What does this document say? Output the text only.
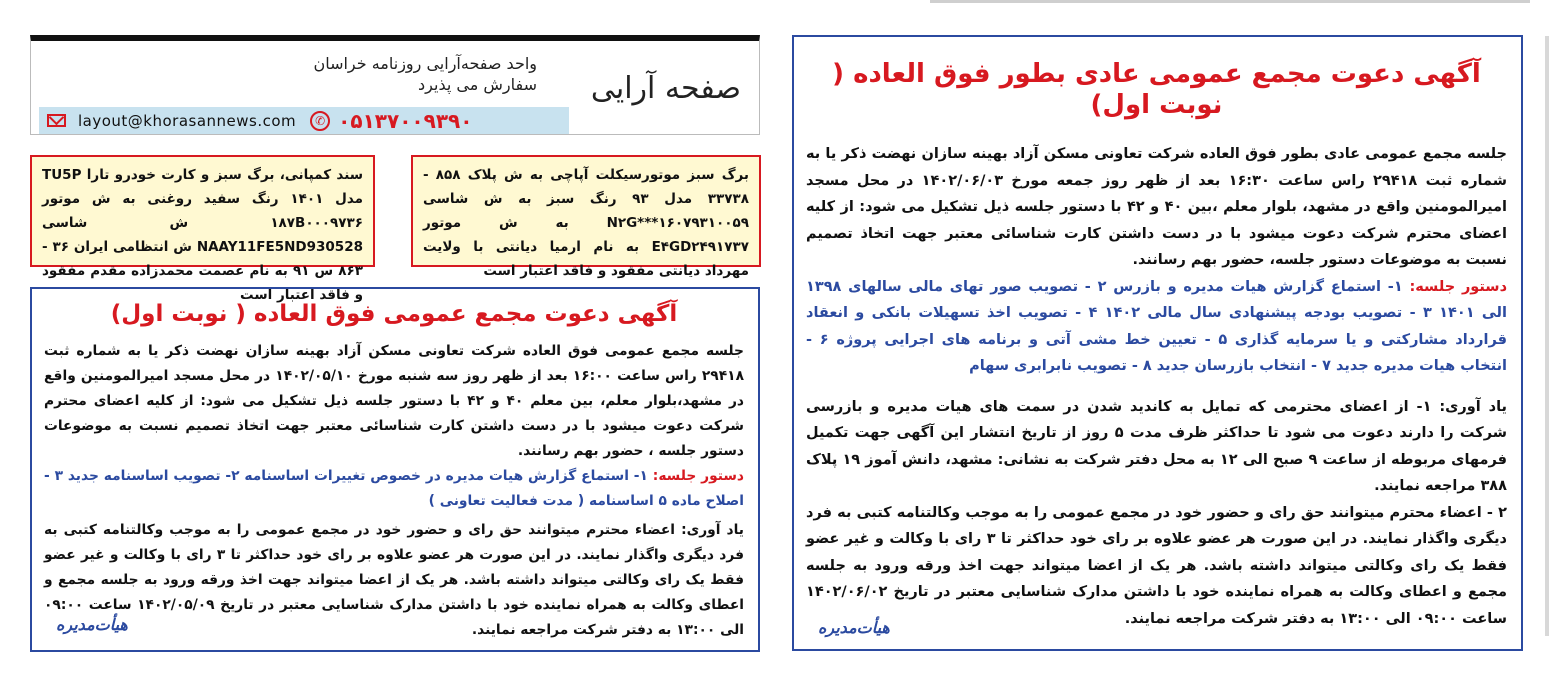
صفحه آرایی
واحد صفحه‌آرایی روزنامه خراسان
سفارش می پذیرد
layout@khorasannews.com	✆ ۰۵۱۳۷۰۰۹۳۹۰
برگ سبز موتورسیکلت آپاچی به ش پلاک ۸۵۸ - ۳۳۷۳۸ مدل ۹۳ رنگ سبز به ش شاسی N۲G***۱۶۰۷۹۳۱۰۰۵۹ به ش موتور E۴GD۲۴۹۱۷۳۷ به نام ارمیا دیانتی با ولایت مهرداد دیانتی مفقود و فاقد اعتبار است
سند کمپانی، برگ سبز و کارت خودرو تارا TU5P مدل ۱۴۰۱ رنگ سفید روغنی به ش موتور ۱۸۷B۰۰۰۹۷۳۶ ش شاسی NAAY11FE5ND930528 ش انتظامی ایران ۳۶ - ۸۶۳ س ۹۱ به نام عصمت محمدزاده مقدم مفقود و فاقد اعتبار است
آگهی دعوت مجمع عمومی عادی بطور فوق العاده ( نوبت اول)

جلسه مجمع عمومی عادی بطور فوق العاده شرکت تعاونی مسکن آزاد بهینه سازان نهضت ذکر یا به شماره ثبت ۲۹۴۱۸ راس ساعت ۱۶:۳۰ بعد از ظهر روز جمعه مورخ ۱۴۰۲/۰۶/۰۳ در محل مسجد امیرالمومنین واقع در مشهد، بلوار معلم ،بین ۴۰ و ۴۲ با دستور جلسه ذیل تشکیل می شود: از کلیه اعضای محترم شرکت دعوت میشود با در دست داشتن کارت شناسائی معتبر جهت اتخاذ تصمیم نسبت به موضوعات دستور جلسه، حضور بهم رسانند.

دستور جلسه: ۱- استماع گزارش هیات مدیره و بازرس ۲ - تصویب صور تهای مالی سالهای ۱۳۹۸ الی ۱۴۰۱ ۳ - تصویب بودجه پیشنهادی سال مالی ۱۴۰۲ ۴ - تصویب اخذ تسهیلات بانکی و انعقاد قرارداد مشارکتی و یا سرمایه گذاری ۵ - تعیین خط مشی آتی و برنامه های اجرایی پروژه ۶ - انتخاب هیات مدیره جدید ۷ - انتخاب بازرسان جدید ۸ - تصویب نابرابری سهام

یاد آوری: ۱- از اعضای محترمی که تمایل به کاندید شدن در سمت های هیات مدیره و بازرسی شرکت را دارند دعوت می شود تا حداکثر ظرف مدت ۵ روز از تاریخ انتشار این آگهی جهت تکمیل فرمهای مربوطه از ساعت ۹ صبح الی ۱۲ به محل دفتر شرکت به نشانی: مشهد، دانش آموز ۱۹ پلاک ۳۸۸ مراجعه نمایند.

۲ - اعضاء محترم میتوانند حق رای و حضور خود در مجمع عمومی را به موجب وکالتنامه کتبی به فرد دیگری واگذار نمایند. در این صورت هر عضو علاوه بر رای خود حداکثر تا ۳ رای با وکالت و غیر عضو فقط یک رای وکالتی میتواند داشته باشد. هر یک از اعضا میتواند جهت اخذ ورقه ورود به جلسه مجمع و اعطای وکالت به همراه نماینده خود با داشتن مدارک شناسایی معتبر در تاریخ ۱۴۰۲/۰۶/۰۲ ساعت ۰۹:۰۰ الی ۱۳:۰۰ به دفتر شرکت مراجعه نمایند.

هیأت‌مدیره
آگهی دعوت مجمع عمومی فوق العاده ( نوبت اول)

جلسه مجمع عمومی فوق العاده شرکت تعاونی مسکن آزاد بهینه سازان نهضت ذکر یا به شماره ثبت ۲۹۴۱۸ راس ساعت ۱۶:۰۰ بعد از ظهر روز سه شنبه مورخ ۱۴۰۲/۰۵/۱۰ در محل مسجد امیرالمومنین واقع در مشهد،بلوار معلم، بین معلم ۴۰ و ۴۲ با دستور جلسه ذیل تشکیل می شود: از کلیه اعضای محترم شرکت دعوت میشود با در دست داشتن کارت شناسائی معتبر جهت اتخاذ تصمیم نسبت به موضوعات دستور جلسه ، حضور بهم رسانند.

دستور جلسه: ۱- استماع گزارش هیات مدیره در خصوص تغییرات اساسنامه ۲- تصویب اساسنامه جدید ۳ - اصلاح ماده ۵ اساسنامه ( مدت فعالیت تعاونی )

یاد آوری: اعضاء محترم میتوانند حق رای و حضور خود در مجمع عمومی را به موجب وکالتنامه کتبی به فرد دیگری واگذار نمایند. در این صورت هر عضو علاوه بر رای خود حداکثر تا ۳ رای با وکالت و غیر عضو فقط یک رای وکالتی میتواند داشته باشد. هر یک از اعضا میتواند جهت اخذ ورقه ورود به جلسه مجمع و اعطای وکالت به همراه نماینده خود با داشتن مدارک شناسایی معتبر در تاریخ ۱۴۰۲/۰۵/۰۹ ساعت ۰۹:۰۰ الی ۱۳:۰۰ به دفتر شرکت مراجعه نمایند.

هیأت‌مدیره
